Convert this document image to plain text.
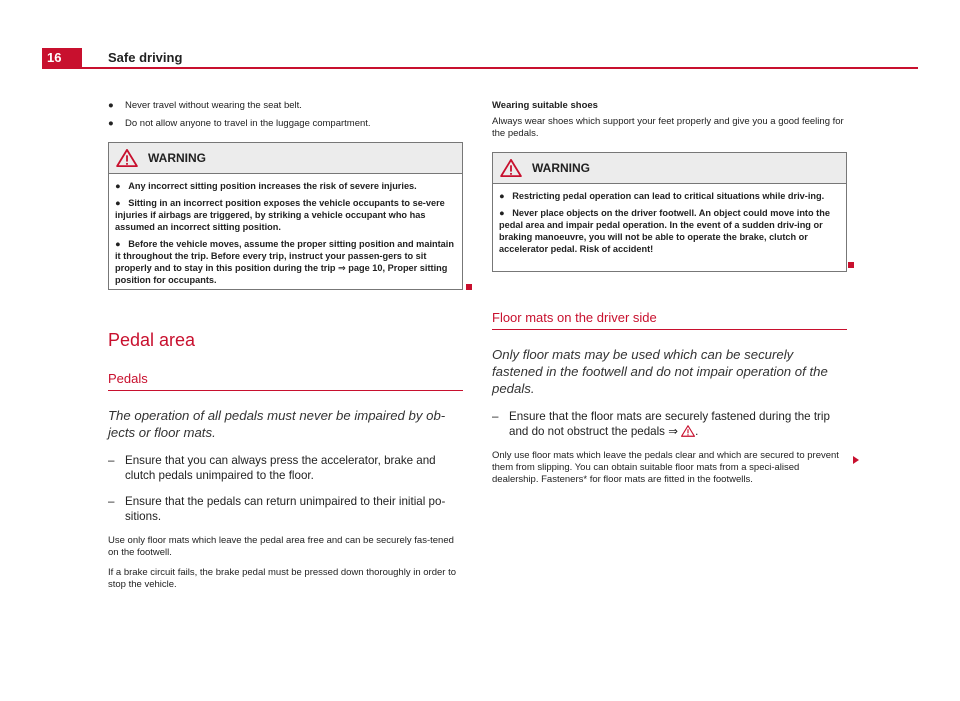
16	Safe driving
●	Never travel without wearing the seat belt.
●	Do not allow anyone to travel in the luggage compartment.
WARNING
● Any incorrect sitting position increases the risk of severe injuries.
● Sitting in an incorrect position exposes the vehicle occupants to se-vere injuries if airbags are triggered, by striking a vehicle occupant who has assumed an incorrect sitting position.
● Before the vehicle moves, assume the proper sitting position and maintain it throughout the trip. Before every trip, instruct your passen-gers to sit properly and to stay in this position during the trip ⇒ page 10, Proper sitting position for occupants.
Pedal area
Pedals
The operation of all pedals must never be impaired by ob-jects or floor mats.
– Ensure that you can always press the accelerator, brake and clutch pedals unimpaired to the floor.
– Ensure that the pedals can return unimpaired to their initial po-sitions.
Use only floor mats which leave the pedal area free and can be securely fas-tened on the footwell.
If a brake circuit fails, the brake pedal must be pressed down thoroughly in order to stop the vehicle.
Wearing suitable shoes
Always wear shoes which support your feet properly and give you a good feeling for the pedals.
WARNING
● Restricting pedal operation can lead to critical situations while driv-ing.
● Never place objects on the driver footwell. An object could move into the pedal area and impair pedal operation. In the event of a sudden driv-ing or braking manoeuvre, you will not be able to operate the brake, clutch or accelerator pedal. Risk of accident!
Floor mats on the driver side
Only floor mats may be used which can be securely fastened in the footwell and do not impair operation of the pedals.
– Ensure that the floor mats are securely fastened during the trip and do not obstruct the pedals ⇒ .
Only use floor mats which leave the pedals clear and which are secured to prevent them from slipping. You can obtain suitable floor mats from a speci-alised dealership. Fasteners* for floor mats are fitted in the footwells.
